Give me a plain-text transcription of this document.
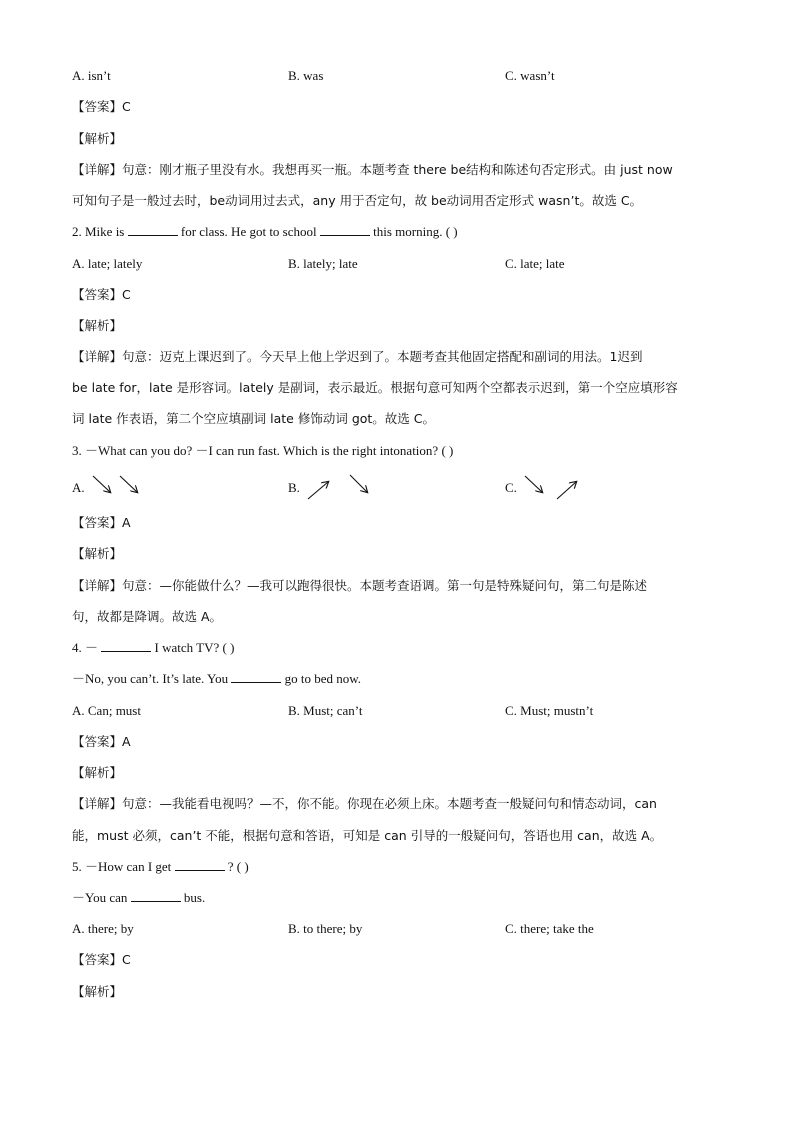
A. isn’t	B. was	C. wasn’t
【答案】C
【解析】
【详解】句意：刚才瓶子里没有水。我想再买一瓶。本题考查 there be结构和陈述句否定形式。由 just now
可知句子是一般过去时，be动词用过去式，any 用于否定句，故 be动词用否定形式 wasn’t。故选 C。
2. Mike is	for class. He got to school	this morning. ( )
A. late; lately	B. lately; late	C. late; late
【答案】C
【解析】
【详解】句意：迈克上课迟到了。今天早上他上学迟到了。本题考查其他固定搭配和副词的用法。1迟到
be late for，late 是形容词。lately 是副词，表示最近。根据句意可知两个空都表示迟到，第一个空应填形容
词 late 作表语，第二个空应填副词 late 修饰动词 got。故选 C。
3. －What can you do? －I can run fast. Which is the right intonation? ( )
A.	B.	C.
【答案】A
【解析】
【详解】句意：—你能做什么？—我可以跑得很快。本题考查语调。第一句是特殊疑问句，第二句是陈述
句，故都是降调。故选 A。
4. －	I watch TV? ( )
－No, you can’t. It’s late. You	go to bed now.
A. Can; must	B. Must; can’t	C. Must; mustn’t
【答案】A
【解析】
【详解】句意：—我能看电视吗？—不，你不能。你现在必须上床。本题考查一般疑问句和情态动词，can
能，must 必须，can’t 不能，根据句意和答语，可知是 can 引导的一般疑问句，答语也用 can，故选 A。
5. －How can I get	? ( )
－You can	bus.
A. there; by	B. to there; by	C. there; take the
【答案】C
【解析】
